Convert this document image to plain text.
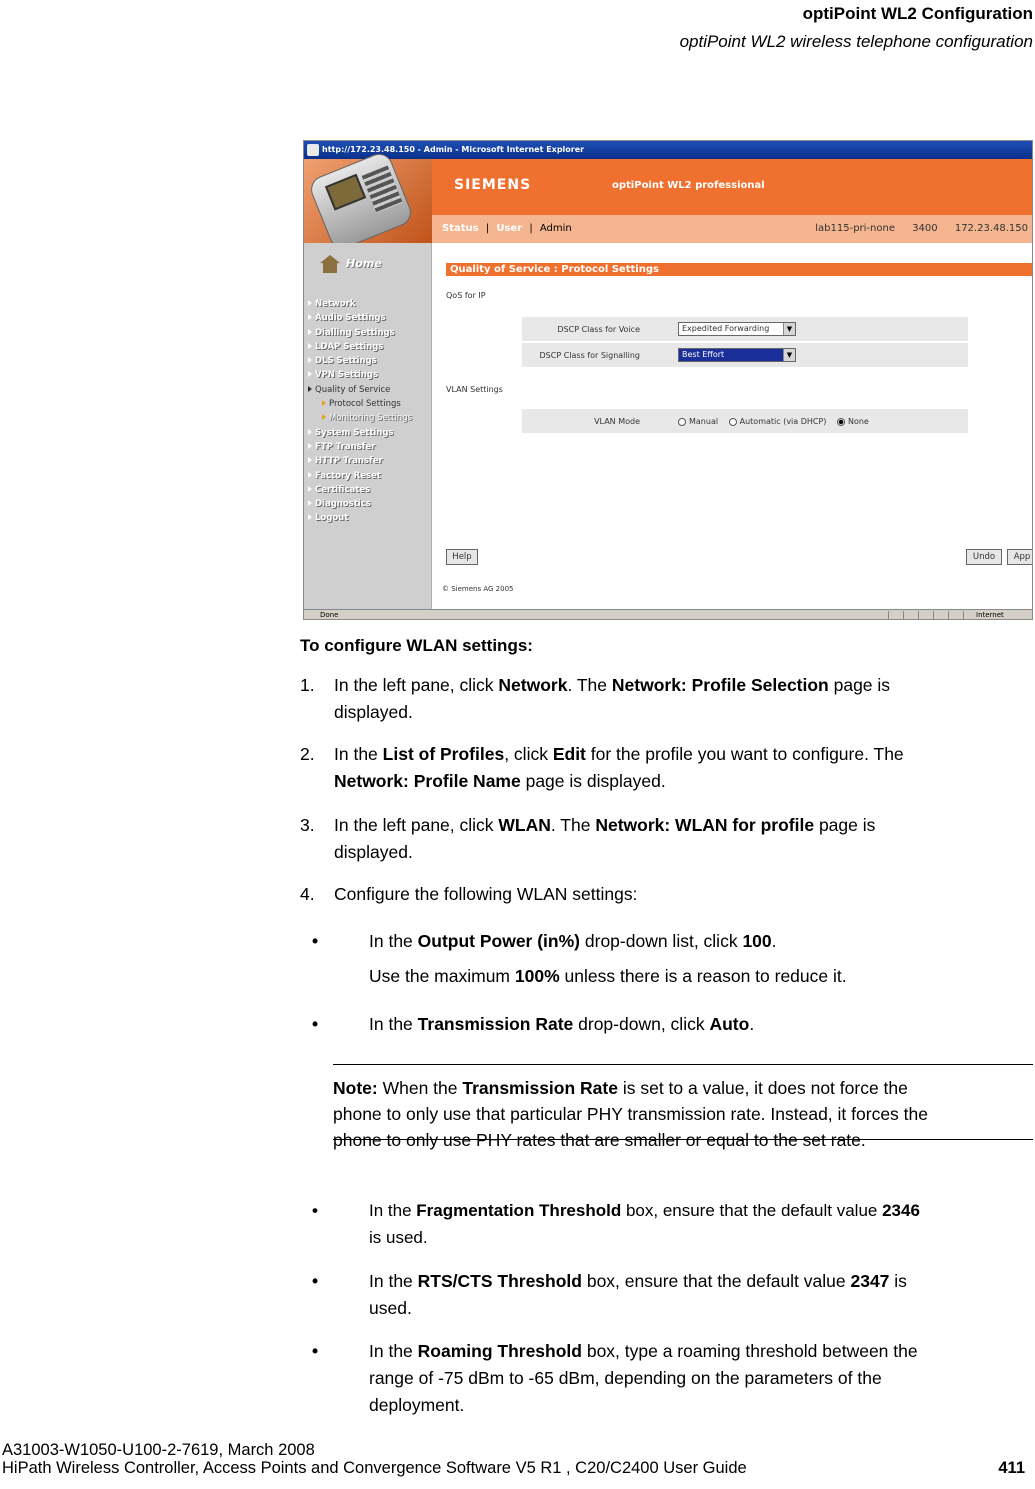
optiPoint WL2 Configuration
optiPoint WL2 wireless telephone configuration
http://172.23.48.150 - Admin - Microsoft Internet Explorer
SIEMENS	optiPoint WL2 professional
Status | User | Admin	lab115-pri-none 3400 172.23.48.150
Home
Network
Audio Settings
Dialling Settings
LDAP Settings
DLS Settings
VPN Settings
Quality of Service
Protocol Settings
Monitoring Settings
System Settings
FTP Transfer
HTTP Transfer
Factory Reset
Certificates
Diagnostics
Logout
Quality of Service : Protocol Settings
QoS for IP
DSCP Class for Voice	Expedited Forwarding	▼
DSCP Class for Signalling	Best Effort	▼
VLAN Settings
VLAN Mode	Manual	Automatic (via DHCP)	None
Help	Undo	App
© Siemens AG 2005
Done	Internet
To configure WLAN settings:
1. In the left pane, click Network. The Network: Profile Selection page is
displayed.
2. In the List of Profiles, click Edit for the profile you want to configure. The
Network: Profile Name page is displayed.
3. In the left pane, click WLAN. The Network: WLAN for profile page is
displayed.
4. Configure the following WLAN settings:
•	In the Output Power (in%) drop-down list, click 100.
Use the maximum 100% unless there is a reason to reduce it.
•	In the Transmission Rate drop-down, click Auto.
Note: When the Transmission Rate is set to a value, it does not force the
phone to only use that particular PHY transmission rate. Instead, it forces the
phone to only use PHY rates that are smaller or equal to the set rate.
•	In the Fragmentation Threshold box, ensure that the default value 2346
is used.
•	In the RTS/CTS Threshold box, ensure that the default value 2347 is
used.
•	In the Roaming Threshold box, type a roaming threshold between the
range of -75 dBm to -65 dBm, depending on the parameters of the
deployment.
A31003-W1050-U100-2-7619, March 2008
HiPath Wireless Controller, Access Points and Convergence Software V5 R1 , C20/C2400 User Guide	411
